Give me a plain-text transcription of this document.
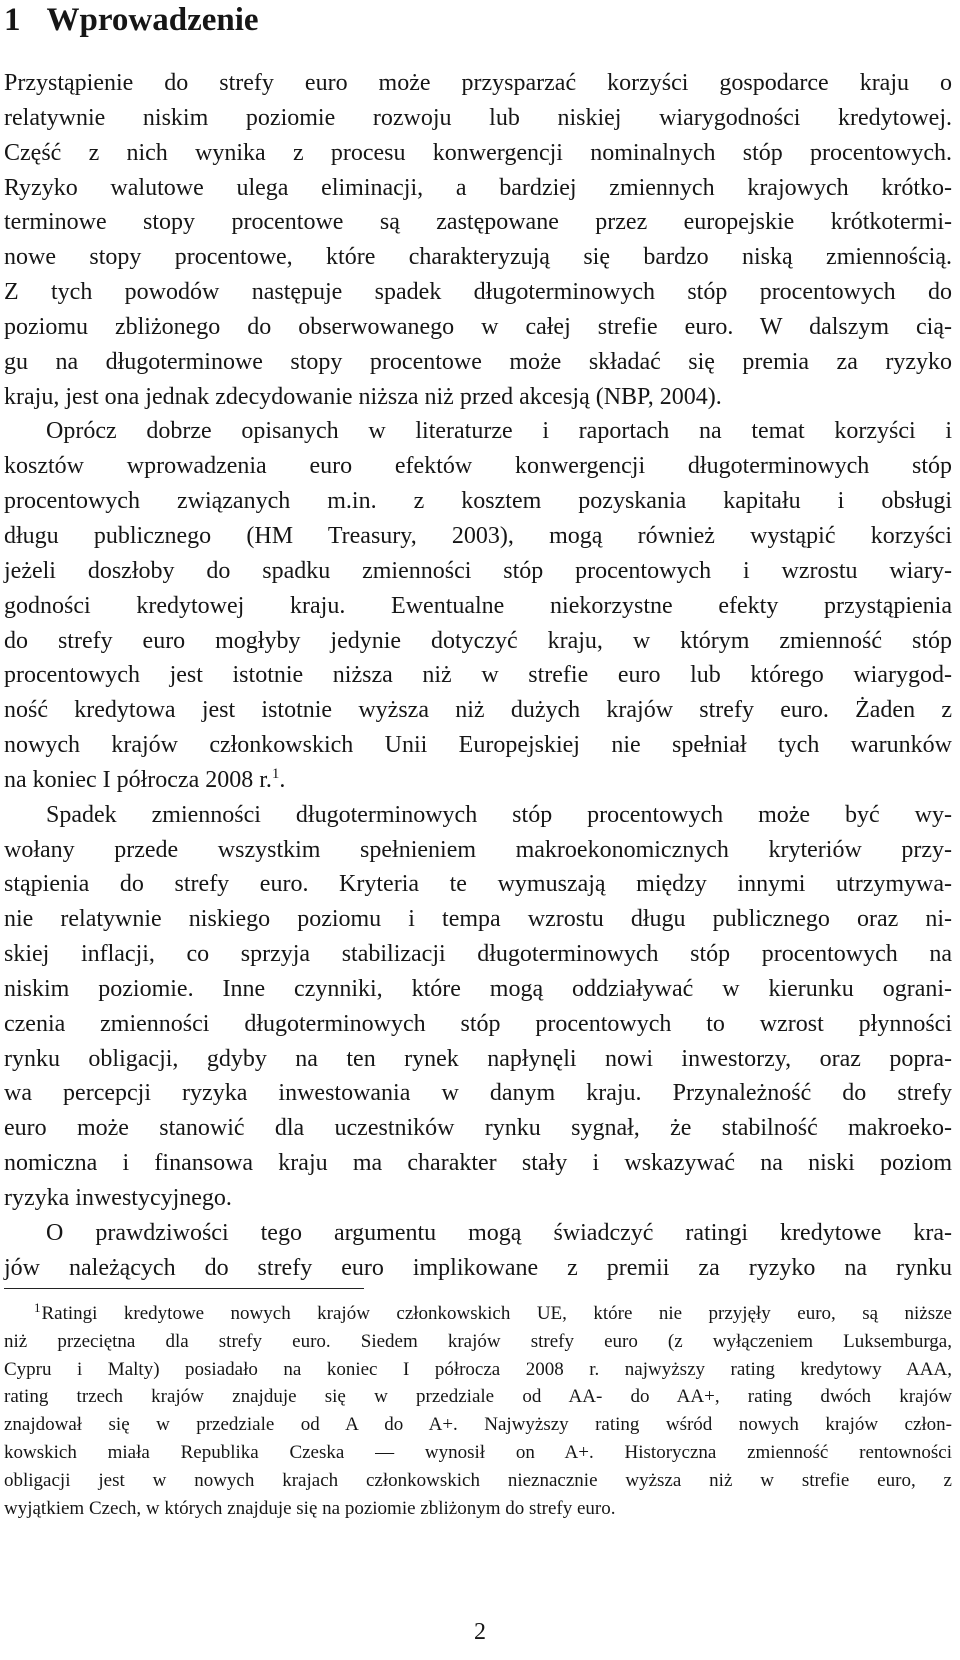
1 Wprowadzenie
Przystąpienie do strefy euro może przysparzać korzyści gospodarce kraju o
relatywnie niskim poziomie rozwoju lub niskiej wiarygodności kredytowej.
Część z nich wynika z procesu konwergencji nominalnych stóp procentowych.
Ryzyko walutowe ulega eliminacji, a bardziej zmiennych krajowych krótko-
terminowe stopy procentowe są zastępowane przez europejskie krótkotermi-
nowe stopy procentowe, które charakteryzują się bardzo niską zmiennością.
Z tych powodów następuje spadek długoterminowych stóp procentowych do
poziomu zbliżonego do obserwowanego w całej strefie euro. W dalszym cią-
gu na długoterminowe stopy procentowe może składać się premia za ryzyko
kraju, jest ona jednak zdecydowanie niższa niż przed akcesją (NBP, 2004).
Oprócz dobrze opisanych w literaturze i raportach na temat korzyści i
kosztów wprowadzenia euro efektów konwergencji długoterminowych stóp
procentowych związanych m.in. z kosztem pozyskania kapitału i obsługi
długu publicznego (HM Treasury, 2003), mogą również wystąpić korzyści
jeżeli doszłoby do spadku zmienności stóp procentowych i wzrostu wiary-
godności kredytowej kraju. Ewentualne niekorzystne efekty przystąpienia
do strefy euro mogłyby jedynie dotyczyć kraju, w którym zmienność stóp
procentowych jest istotnie niższa niż w strefie euro lub którego wiarygod-
ność kredytowa jest istotnie wyższa niż dużych krajów strefy euro. Żaden z
nowych krajów członkowskich Unii Europejskiej nie spełniał tych warunków
na koniec I półrocza 2008 r.$^1$.
Spadek zmienności długoterminowych stóp procentowych może być wy-
wołany przede wszystkim spełnieniem makroekonomicznych kryteriów przy-
stąpienia do strefy euro. Kryteria te wymuszają między innymi utrzymywa-
nie relatywnie niskiego poziomu i tempa wzrostu długu publicznego oraz ni-
skiej inflacji, co sprzyja stabilizacji długoterminowych stóp procentowych na
niskim poziomie. Inne czynniki, które mogą oddziaływać w kierunku ograni-
czenia zmienności długoterminowych stóp procentowych to wzrost płynności
rynku obligacji, gdyby na ten rynek napłynęli nowi inwestorzy, oraz popra-
wa percepcji ryzyka inwestowania w danym kraju. Przynależność do strefy
euro może stanowić dla uczestników rynku sygnał, że stabilność makroeko-
nomiczna i finansowa kraju ma charakter stały i wskazywać na niski poziom
ryzyka inwestycyjnego.
O prawdziwości tego argumentu mogą świadczyć ratingi kredytowe kra-
jów należących do strefy euro implikowane z premii za ryzyko na rynku
$^1$Ratingi kredytowe nowych krajów członkowskich UE, które nie przyjęły euro, są niższe
niż przeciętna dla strefy euro. Siedem krajów strefy euro (z wyłączeniem Luksemburga,
Cypru i Malty) posiadało na koniec I półrocza 2008 r. najwyższy rating kredytowy AAA,
rating trzech krajów znajduje się w przedziale od AA- do AA+, rating dwóch krajów
znajdował się w przedziale od A do A+. Najwyższy rating wśród nowych krajów człon-
kowskich miała Republika Czeska — wynosił on A+. Historyczna zmienność rentowności
obligacji jest w nowych krajach członkowskich nieznacznie wyższa niż w strefie euro, z
wyjątkiem Czech, w których znajduje się na poziomie zbliżonym do strefy euro.
2
